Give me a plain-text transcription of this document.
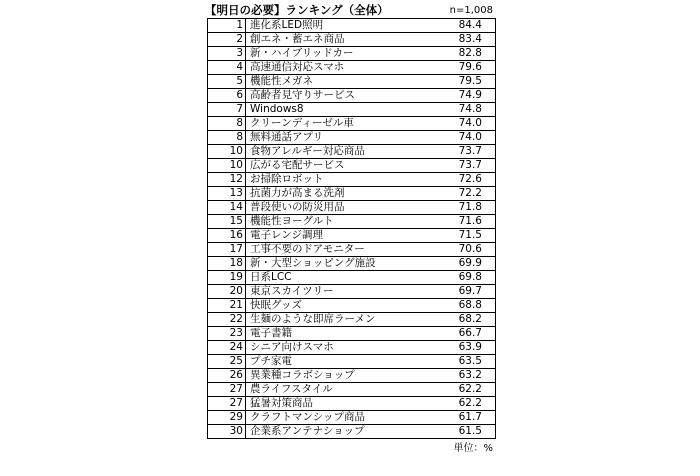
【明日の必要】ランキング（全体）	n=1,008
1	進化系LED照明	84.4
2	創エネ・蓄エネ商品	83.4
3	新・ハイブリッドカー	82.8
4	高速通信対応スマホ	79.6
5	機能性メガネ	79.5
6	高齢者見守りサービス	74.9
7	Windows8	74.8
8	クリーンディーゼル車	74.0
8	無料通話アプリ	74.0
10	食物アレルギー対応商品	73.7
10	広がる宅配サービス	73.7
12	お掃除ロボット	72.6
13	抗菌力が高まる洗剤	72.2
14	普段使いの防災用品	71.8
15	機能性ヨーグルト	71.6
16	電子レンジ調理	71.5
17	工事不要のドアモニター	70.6
18	新・大型ショッピング施設	69.9
19	日系LCC	69.8
20	東京スカイツリー	69.7
21	快眠グッズ	68.8
22	生麺のような即席ラーメン	68.2
23	電子書籍	66.7
24	シニア向けスマホ	63.9
25	プチ家電	63.5
26	異業種コラボショップ	63.2
27	農ライフスタイル	62.2
27	猛暑対策商品	62.2
29	クラフトマンシップ商品	61.7
30	企業系アンテナショップ	61.5
単位：%
